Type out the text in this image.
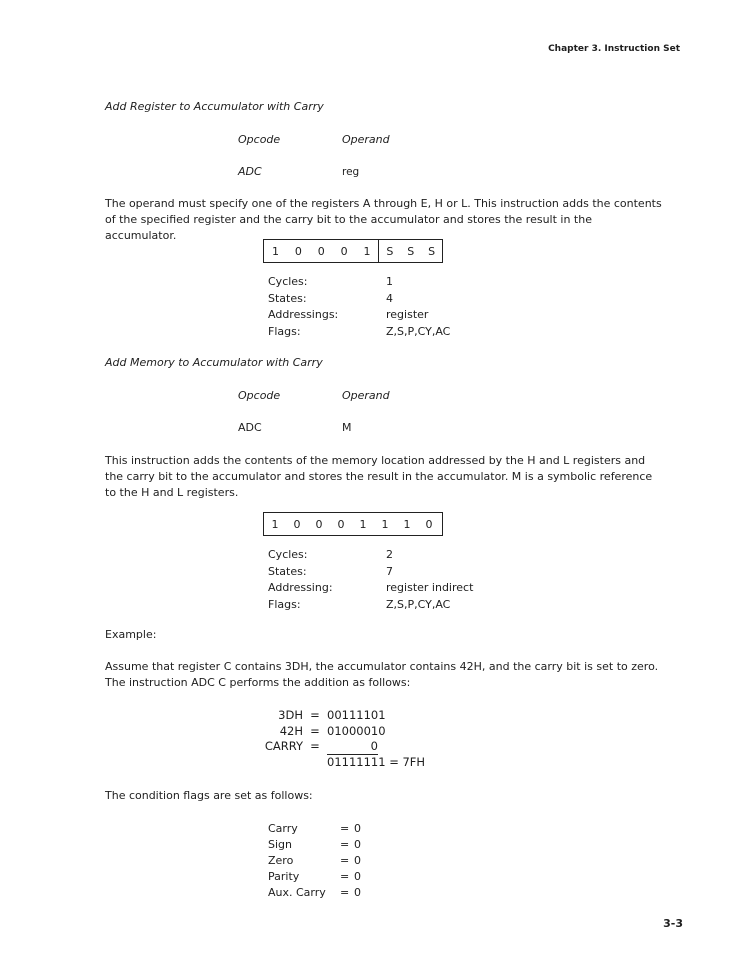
Chapter 3. Instruction Set
Add Register to Accumulator with Carry
Opcode	Operand
ADC	reg
The operand must specify one of the registers A through E, H or L. This instruction adds the contents of the specified register and the carry bit to the accumulator and stores the result in the accumulator.
1	0	0	0	1	S	S	S
Cycles:	1
States:	4
Addressings:	register
Flags:	Z,S,P,CY,AC
Add Memory to Accumulator with Carry
Opcode	Operand
ADC	M
This instruction adds the contents of the memory location addressed by the H and L registers and the carry bit to the accumulator and stores the result in the accumulator. M is a symbolic reference to the H and L registers.
1	0	0	0	1	1	1	0
Cycles:	2
States:	7
Addressing:	register indirect
Flags:	Z,S,P,CY,AC
Example:
Assume that register C contains 3DH, the accumulator contains 42H, and the carry bit is set to zero. The instruction ADC C performs the addition as follows:
3DH = 00111101
42H = 01000010
CARRY =	0
01111111 = 7FH
The condition flags are set as follows:
Carry	= 0
Sign	= 0
Zero	= 0
Parity	= 0
Aux. Carry	= 0
3-3
